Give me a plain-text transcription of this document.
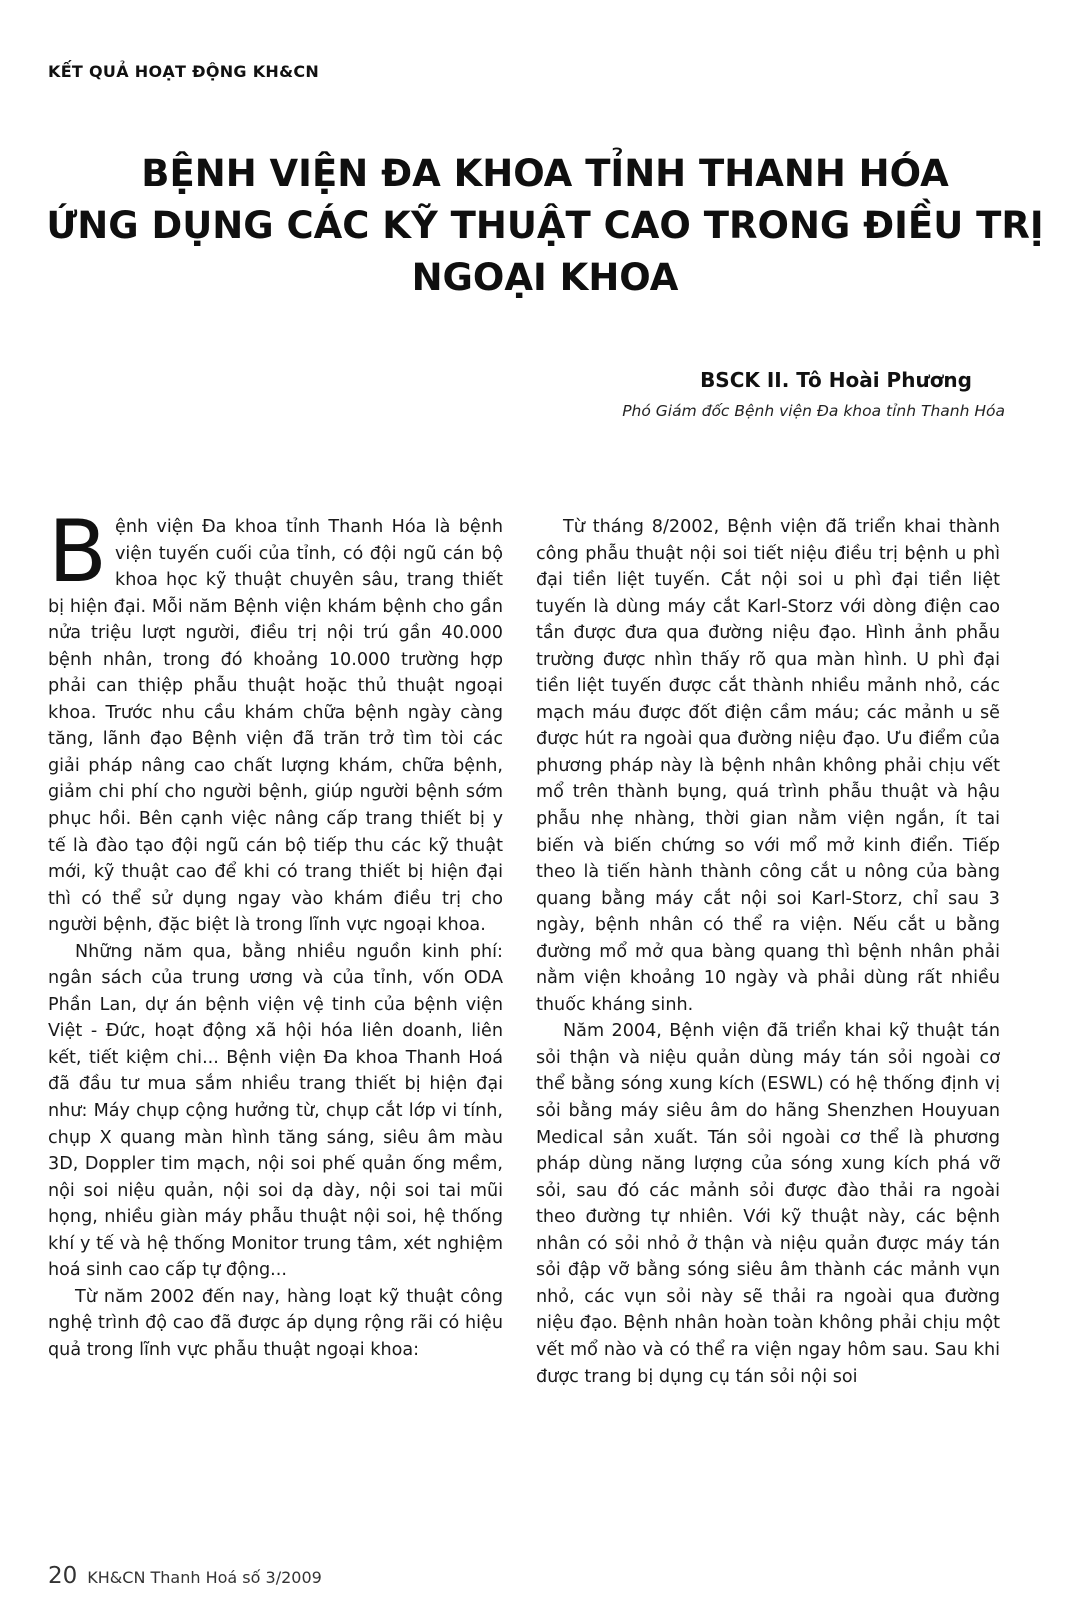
KẾT QUẢ HOẠT ĐỘNG KH&CN
BỆNH VIỆN ĐA KHOA TỈNH THANH HÓA
ỨNG DỤNG CÁC KỸ THUẬT CAO TRONG ĐIỀU TRỊ
NGOẠI KHOA
BSCK II. Tô Hoài Phương
Phó Giám đốc Bệnh viện Đa khoa tỉnh Thanh Hóa

Bệnh viện Đa khoa tỉnh Thanh Hóa là bệnh viện tuyến cuối của tỉnh, có đội ngũ cán bộ khoa học kỹ thuật chuyên sâu, trang thiết bị hiện đại. Mỗi năm Bệnh viện khám bệnh cho gần nửa triệu lượt người, điều trị nội trú gần 40.000 bệnh nhân, trong đó khoảng 10.000 trường hợp phải can thiệp phẫu thuật hoặc thủ thuật ngoại khoa. Trước nhu cầu khám chữa bệnh ngày càng tăng, lãnh đạo Bệnh viện đã trăn trở tìm tòi các giải pháp nâng cao chất lượng khám, chữa bệnh, giảm chi phí cho người bệnh, giúp người bệnh sớm phục hồi. Bên cạnh việc nâng cấp trang thiết bị y tế là đào tạo đội ngũ cán bộ tiếp thu các kỹ thuật mới, kỹ thuật cao để khi có trang thiết bị hiện đại thì có thể sử dụng ngay vào khám điều trị cho người bệnh, đặc biệt là trong lĩnh vực ngoại khoa.

Những năm qua, bằng nhiều nguồn kinh phí: ngân sách của trung ương và của tỉnh, vốn ODA Phần Lan, dự án bệnh viện vệ tinh của bệnh viện Việt - Đức, hoạt động xã hội hóa liên doanh, liên kết, tiết kiệm chi... Bệnh viện Đa khoa Thanh Hoá đã đầu tư mua sắm nhiều trang thiết bị hiện đại như: Máy chụp cộng hưởng từ, chụp cắt lớp vi tính, chụp X quang màn hình tăng sáng, siêu âm màu 3D, Doppler tim mạch, nội soi phế quản ống mềm, nội soi niệu quản, nội soi dạ dày, nội soi tai mũi họng, nhiều giàn máy phẫu thuật nội soi, hệ thống khí y tế và hệ thống Monitor trung tâm, xét nghiệm hoá sinh cao cấp tự động...

Từ năm 2002 đến nay, hàng loạt kỹ thuật công nghệ trình độ cao đã được áp dụng rộng rãi có hiệu quả trong lĩnh vực phẫu thuật ngoại khoa:

Từ tháng 8/2002, Bệnh viện đã triển khai thành công phẫu thuật nội soi tiết niệu điều trị bệnh u phì đại tiền liệt tuyến. Cắt nội soi u phì đại tiền liệt tuyến là dùng máy cắt Karl-Storz với dòng điện cao tần được đưa qua đường niệu đạo. Hình ảnh phẫu trường được nhìn thấy rõ qua màn hình. U phì đại tiền liệt tuyến được cắt thành nhiều mảnh nhỏ, các mạch máu được đốt điện cầm máu; các mảnh u sẽ được hút ra ngoài qua đường niệu đạo. Ưu điểm của phương pháp này là bệnh nhân không phải chịu vết mổ trên thành bụng, quá trình phẫu thuật và hậu phẫu nhẹ nhàng, thời gian nằm viện ngắn, ít tai biến và biến chứng so với mổ mở kinh điển. Tiếp theo là tiến hành thành công cắt u nông của bàng quang bằng máy cắt nội soi Karl-Storz, chỉ sau 3 ngày, bệnh nhân có thể ra viện. Nếu cắt u bằng đường mổ mở qua bàng quang thì bệnh nhân phải nằm viện khoảng 10 ngày và phải dùng rất nhiều thuốc kháng sinh.

Năm 2004, Bệnh viện đã triển khai kỹ thuật tán sỏi thận và niệu quản dùng máy tán sỏi ngoài cơ thể bằng sóng xung kích (ESWL) có hệ thống định vị sỏi bằng máy siêu âm do hãng Shenzhen Houyuan Medical sản xuất. Tán sỏi ngoài cơ thể là phương pháp dùng năng lượng của sóng xung kích phá vỡ sỏi, sau đó các mảnh sỏi được đào thải ra ngoài theo đường tự nhiên. Với kỹ thuật này, các bệnh nhân có sỏi nhỏ ở thận và niệu quản được máy tán sỏi đập vỡ bằng sóng siêu âm thành các mảnh vụn nhỏ, các vụn sỏi này sẽ thải ra ngoài qua đường niệu đạo. Bệnh nhân hoàn toàn không phải chịu một vết mổ nào và có thể ra viện ngay hôm sau. Sau khi được trang bị dụng cụ tán sỏi nội soi

20 KH&CN Thanh Hoá số 3/2009
